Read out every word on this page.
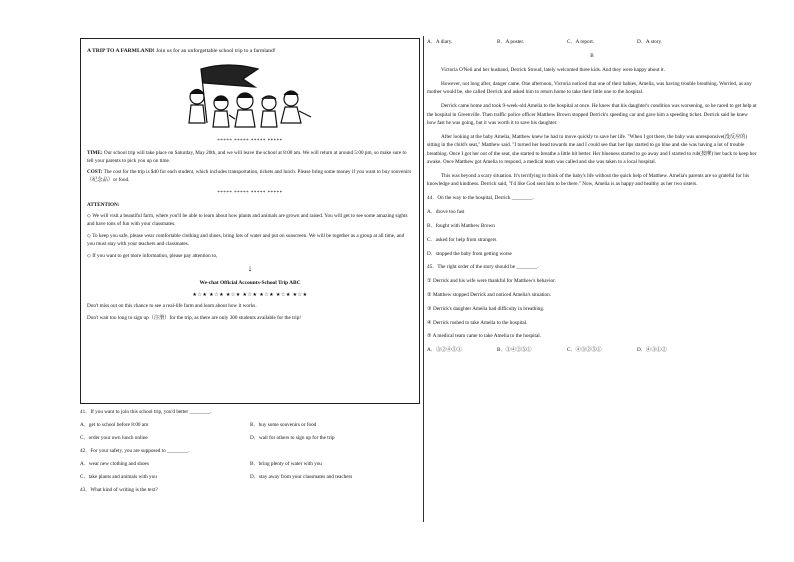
A TRIP TO A FARMLAND! Join us for an unforgettable school trip to a farmland!

***** ***** ***** *****

TIME: Our school trip will take place on Saturday, May 20th, and we will leave the school at 8:00 am. We will return at around 5:00 pm, so make sure to tell your parents to pick you up on time.

COST: The cost for the trip is $40 for each student, which includes transportation, tickets and lunch. Please bring some money if you want to buy souvenirs（纪念品）or food.

***** ***** ***** *****

ATTENTION:

◇ We will visit a beautiful farm, where you'll be able to learn about how plants and animals are grown and raised. You will get to see some amazing sights and have tons of fun with your classmates.

◇ To keep you safe, please wear comfortable clothing and shoes, bring lots of water and put on sunscreen. We will be together as a group at all time, and you must stay with your teachers and classmates.

◇ If you want to get more information, please pay attention to,

↓

We-chat Official Accounts-School Trip ABC

★☆★ ★☆★ ★☆★ ★☆★ ★☆★ ★☆★ ★☆★

Don't miss out on this chance to see a real-life farm and learn about how it works.

Don't wait too long to sign up（注册）for the trip, as there are only 300 students available for the trip!

41．If you want to join this school trip, you'd better ________.

A．get to school before 8:00 am	B．buy some souvenirs or food
C．order your own lunch online	D．wait for others to sign up for the trip

42．For your safety, you are supposed to ________.

A．wear new clothing and shoes	B．bring plenty of water with you
C．take plants and animals with you	D．stay away from your classmates and teachers

43．What kind of writing is the text?

A．A diary.	B．A poster.	C．A report.	D．A story.

B

Victoria O'Neil and her husband, Derrick Stroud, lately welcomed three kids. And they were happy about it.

However, not long after, danger came. One afternoon, Victoria noticed that one of their babies, Amelia, was having trouble breathing. Worried, as any mother would be, she called Derrick and asked him to return home to take their little one to the hospital.

Derrick came home and took 9-week-old Amelia to the hospital at once. He knew that his daughter's condition was worsening, so he raced to get help at the hospital in Greenville. Then traffic police officer Matthew Brown stopped Derrick's speeding car and gave him a speeding ticket. Derrick said he knew how fast he was going, but it was worth it to save his daughter.

After looking at the baby Amelia, Matthew knew he had to move quickly to save her life. "When I got there, the baby was unresponsive(没反应的) sitting in the child's seat," Matthew said. "I turned her head towards me and I could see that her lips started to go blue and she was having a lot of trouble breathing. Once I got her out of the seat, she started to breathe a little bit better. Her blueness started to go away and I started to rub(按摩) her back to keep her awake. Once Matthew got Amelia to respond, a medical team was called and she was taken to a local hospital.

This was beyond a scary situation. It's terrifying to think of the baby's life without the quick help of Matthew. Amelia's parents are so grateful for his knowledge and kindness. Derrick said, "I'd like God sent him to be there." Now, Amelia is as happy and healthy as her two sisters.

44．On the way to the hospital, Derrick ________.

A．drove too fast

B．fought with Matthew Brown

C．asked for help from strangers

D．stopped the baby from getting worse

45．The right order of the story should be ________.

① Derrick and his wife were thankful for Matthew's behavior.

② Matthew stopped Derrick and noticed Amelia's situation.

③ Derrick's daughter Amelia had difficulty in breathing.

④ Derrick rushed to take Amelia to the hospital.

⑤ A medical team came to take Amelia to the hospital.

A．③②④⑤①	B．③④②⑤①	C．④③②⑤①	D．④③①②
